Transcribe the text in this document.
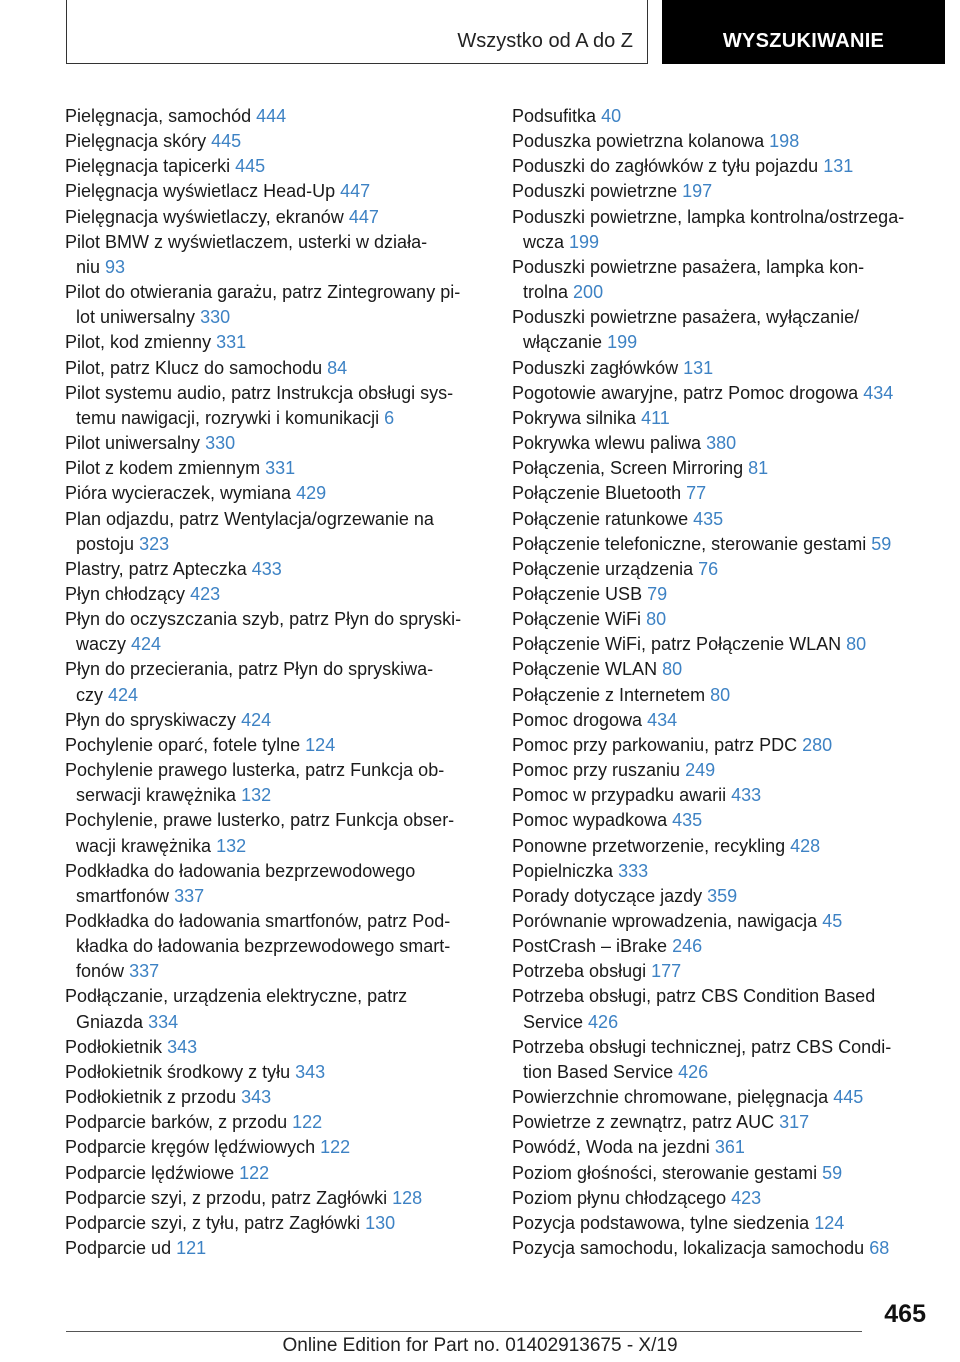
Wszystko od A do Z	WYSZUKIWANIE
Pielęgnacja, samochód 444
Pielęgnacja skóry 445
Pielęgnacja tapicerki 445
Pielęgnacja wyświetlacz Head-Up 447
Pielęgnacja wyświetlaczy, ekranów 447
Pilot BMW z wyświetlaczem, usterki w działa-
niu 93
Pilot do otwierania garażu, patrz Zintegrowany pi-
lot uniwersalny 330
Pilot, kod zmienny 331
Pilot, patrz Klucz do samochodu 84
Pilot systemu audio, patrz Instrukcja obsługi sys-
temu nawigacji, rozrywki i komunikacji 6
Pilot uniwersalny 330
Pilot z kodem zmiennym 331
Pióra wycieraczek, wymiana 429
Plan odjazdu, patrz Wentylacja/ogrzewanie na
postoju 323
Plastry, patrz Apteczka 433
Płyn chłodzący 423
Płyn do oczyszczania szyb, patrz Płyn do spryski-
waczy 424
Płyn do przecierania, patrz Płyn do spryskiwa-
czy 424
Płyn do spryskiwaczy 424
Pochylenie oparć, fotele tylne 124
Pochylenie prawego lusterka, patrz Funkcja ob-
serwacji krawężnika 132
Pochylenie, prawe lusterko, patrz Funkcja obser-
wacji krawężnika 132
Podkładka do ładowania bezprzewodowego
smartfonów 337
Podkładka do ładowania smartfonów, patrz Pod-
kładka do ładowania bezprzewodowego smart-
fonów 337
Podłączanie, urządzenia elektryczne, patrz
Gniazda 334
Podłokietnik 343
Podłokietnik środkowy z tyłu 343
Podłokietnik z przodu 343
Podparcie barków, z przodu 122
Podparcie kręgów lędźwiowych 122
Podparcie lędźwiowe 122
Podparcie szyi, z przodu, patrz Zagłówki 128
Podparcie szyi, z tyłu, patrz Zagłówki 130
Podparcie ud 121
Podsufitka 40
Poduszka powietrzna kolanowa 198
Poduszki do zagłówków z tyłu pojazdu 131
Poduszki powietrzne 197
Poduszki powietrzne, lampka kontrolna/ostrzega-
wcza 199
Poduszki powietrzne pasażera, lampka kon-
trolna 200
Poduszki powietrzne pasażera, wyłączanie/
włączanie 199
Poduszki zagłówków 131
Pogotowie awaryjne, patrz Pomoc drogowa 434
Pokrywa silnika 411
Pokrywka wlewu paliwa 380
Połączenia, Screen Mirroring 81
Połączenie Bluetooth 77
Połączenie ratunkowe 435
Połączenie telefoniczne, sterowanie gestami 59
Połączenie urządzenia 76
Połączenie USB 79
Połączenie WiFi 80
Połączenie WiFi, patrz Połączenie WLAN 80
Połączenie WLAN 80
Połączenie z Internetem 80
Pomoc drogowa 434
Pomoc przy parkowaniu, patrz PDC 280
Pomoc przy ruszaniu 249
Pomoc w przypadku awarii 433
Pomoc wypadkowa 435
Ponowne przetworzenie, recykling 428
Popielniczka 333
Porady dotyczące jazdy 359
Porównanie wprowadzenia, nawigacja 45
PostCrash – iBrake 246
Potrzeba obsługi 177
Potrzeba obsługi, patrz CBS Condition Based
Service 426
Potrzeba obsługi technicznej, patrz CBS Condi-
tion Based Service 426
Powierzchnie chromowane, pielęgnacja 445
Powietrze z zewnątrz, patrz AUC 317
Powódź, Woda na jezdni 361
Poziom głośności, sterowanie gestami 59
Poziom płynu chłodzącego 423
Pozycja podstawowa, tylne siedzenia 124
Pozycja samochodu, lokalizacja samochodu 68
465
Online Edition for Part no. 01402913675 - X/19
